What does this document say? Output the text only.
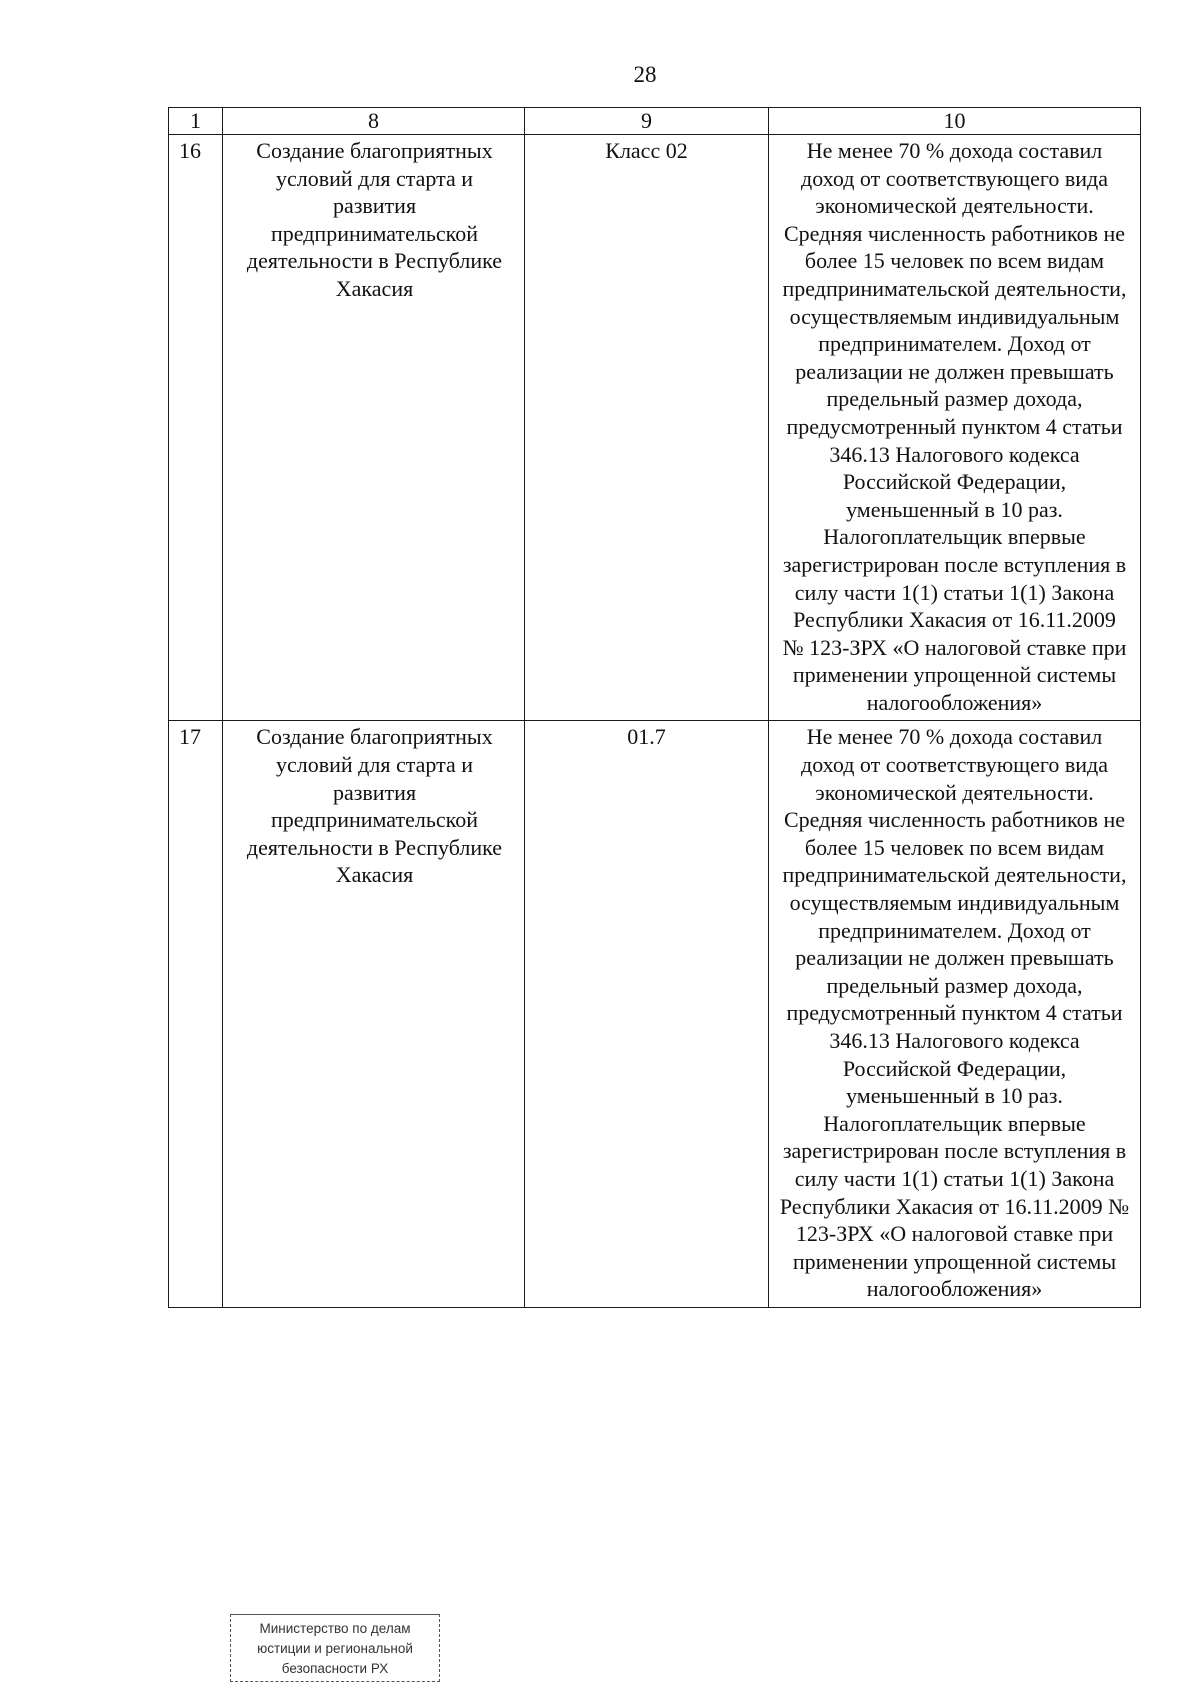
28
1	8	9	10
16	Создание благоприятных условий для старта и развития предпринимательской деятельности в Республике Хакасия	Класс 02	Не менее 70 % дохода составил доход от соответствующего вида экономической деятельности. Средняя численность работников не более 15 человек по всем видам предпринимательской деятельности, осуществляемым индивидуальным предпринимателем. Доход от реализации не должен превышать предельный размер дохода, предусмотренный пунктом 4 статьи 346.13 Налогового кодекса Российской Федерации, уменьшенный в 10 раз. Налогоплательщик впервые зарегистрирован после вступления в силу части 1(1) статьи 1(1) Закона Республики Хакасия от 16.11.2009 № 123-ЗРХ «О налоговой ставке при применении упрощенной системы налогообложения»
17	Создание благоприятных условий для старта и развития предпринимательской деятельности в Республике Хакасия	01.7	Не менее 70 % дохода составил доход от соответствующего вида экономической деятельности. Средняя численность работников не более 15 человек по всем видам предпринимательской деятельности, осуществляемым индивидуальным предпринимателем. Доход от реализации не должен превышать предельный размер дохода, предусмотренный пунктом 4 статьи 346.13 Налогового кодекса Российской Федерации, уменьшенный в 10 раз. Налогоплательщик впервые зарегистрирован после вступления в силу части 1(1) статьи 1(1) Закона Республики Хакасия от 16.11.2009 № 123-ЗРХ «О налоговой ставке при применении упрощенной системы налогообложения»
Министерство по делам
юстиции и региональной
безопасности РХ
